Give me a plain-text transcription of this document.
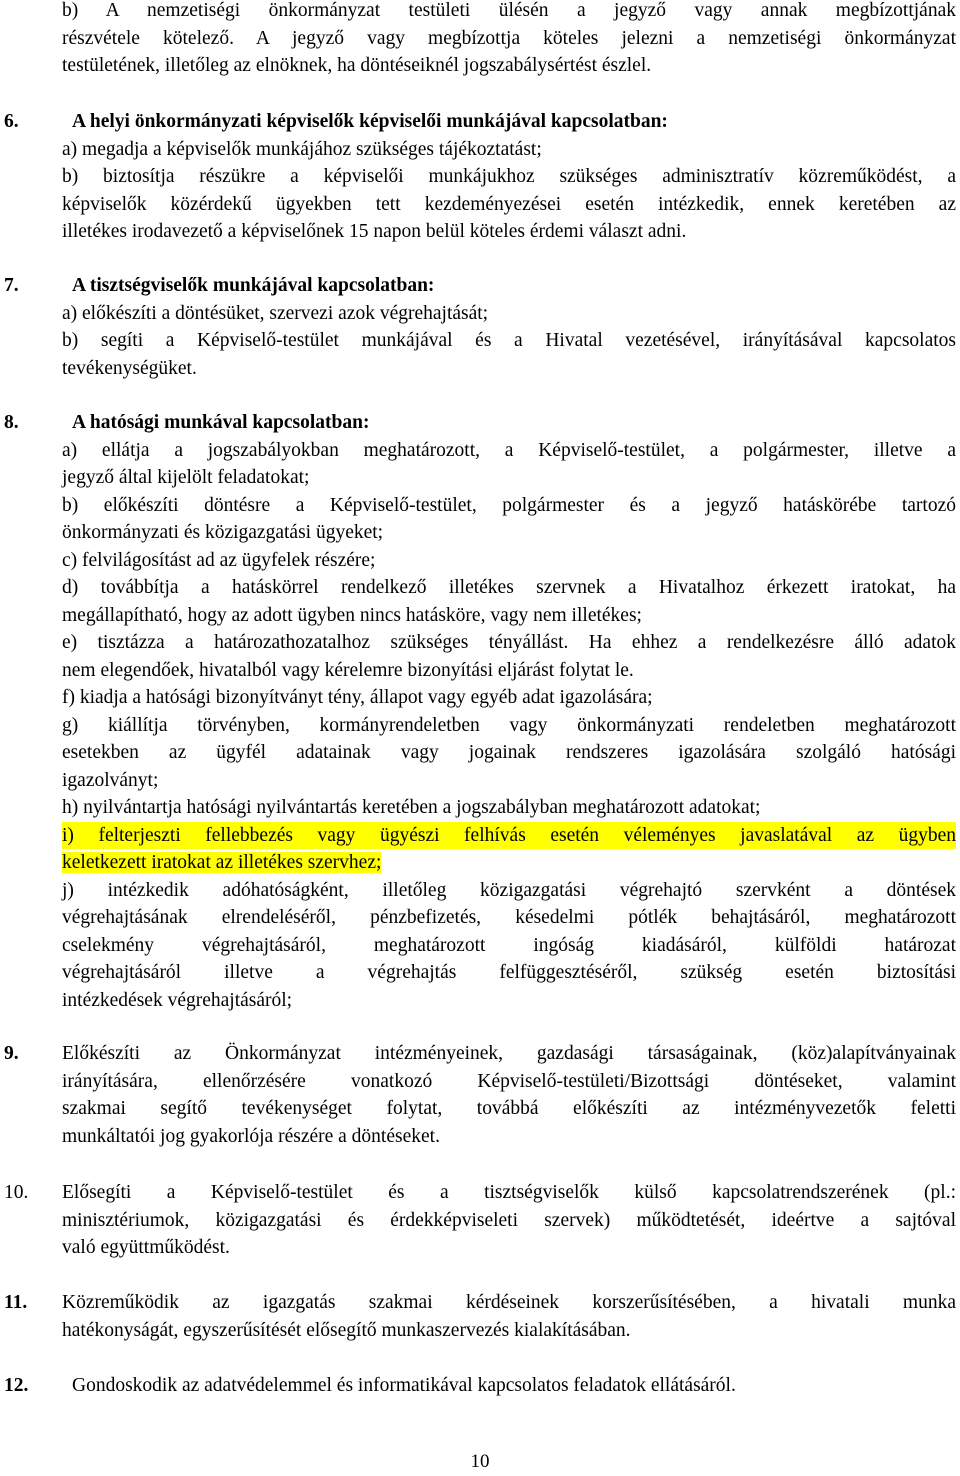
b) A nemzetiségi önkormányzat testületi ülésén a jegyző vagy annak megbízottjának
részvétele kötelező. A jegyző vagy megbízottja köteles jelezni a nemzetiségi önkormányzat
testületének, illetőleg az elnöknek, ha döntéseiknél jogszabálysértést észlel.
6.	A helyi önkormányzati képviselők képviselői munkájával kapcsolatban:
a) megadja a képviselők munkájához szükséges tájékoztatást;
b) biztosítja részükre a képviselői munkájukhoz szükséges adminisztratív közreműködést, a
képviselők közérdekű ügyekben tett kezdeményezései esetén intézkedik, ennek keretében az
illetékes irodavezető a képviselőnek 15 napon belül köteles érdemi választ adni.
7.	A tisztségviselők munkájával kapcsolatban:
a) előkészíti a döntésüket, szervezi azok végrehajtását;
b) segíti a Képviselő-testület munkájával és a Hivatal vezetésével, irányításával kapcsolatos
tevékenységüket.
8.	A hatósági munkával kapcsolatban:
a) ellátja a jogszabályokban meghatározott, a Képviselő-testület, a polgármester, illetve a
jegyző által kijelölt feladatokat;
b) előkészíti döntésre a Képviselő-testület, polgármester és a jegyző hatáskörébe tartozó
önkormányzati és közigazgatási ügyeket;
c) felvilágosítást ad az ügyfelek részére;
d) továbbítja a hatáskörrel rendelkező illetékes szervnek a Hivatalhoz érkezett iratokat, ha
megállapítható, hogy az adott ügyben nincs hatásköre, vagy nem illetékes;
e) tisztázza a határozathozatalhoz szükséges tényállást. Ha ehhez a rendelkezésre álló adatok
nem elegendőek, hivatalból vagy kérelemre bizonyítási eljárást folytat le.
f) kiadja a hatósági bizonyítványt tény, állapot vagy egyéb adat igazolására;
g) kiállítja törvényben, kormányrendeletben vagy önkormányzati rendeletben meghatározott
esetekben az ügyfél adatainak vagy jogainak rendszeres igazolására szolgáló hatósági
igazolványt;
h) nyilvántartja hatósági nyilvántartás keretében a jogszabályban meghatározott adatokat;
i) felterjeszti fellebbezés vagy ügyészi felhívás esetén véleményes javaslatával az ügyben
keletkezett iratokat az illetékes szervhez;
j) intézkedik adóhatóságként, illetőleg közigazgatási végrehajtó szervként a döntések
végrehajtásának elrendeléséről, pénzbefizetés, késedelmi pótlék behajtásáról, meghatározott
cselekmény végrehajtásáról, meghatározott ingóság kiadásáról, külföldi határozat
végrehajtásáról illetve a végrehajtás felfüggesztéséről, szükség esetén biztosítási
intézkedések végrehajtásáról;
9. Előkészíti az Önkormányzat intézményeinek, gazdasági társaságainak, (köz)alapítványainak
irányítására, ellenőrzésére vonatkozó Képviselő-testületi/Bizottsági döntéseket, valamint
szakmai segítő tevékenységet folytat, továbbá előkészíti az intézményvezetők feletti
munkáltatói jog gyakorlója részére a döntéseket.
10. Elősegíti a Képviselő-testület és a tisztségviselők külső kapcsolatrendszerének (pl.:
minisztériumok, közigazgatási és érdekképviseleti szervek) működtetését, ideértve a sajtóval
való együttműködést.
11. Közreműködik az igazgatás szakmai kérdéseinek korszerűsítésében, a hivatali munka
hatékonyságát, egyszerűsítését elősegítő munkaszervezés kialakításában.
12.	Gondoskodik az adatvédelemmel és informatikával kapcsolatos feladatok ellátásáról.
10
